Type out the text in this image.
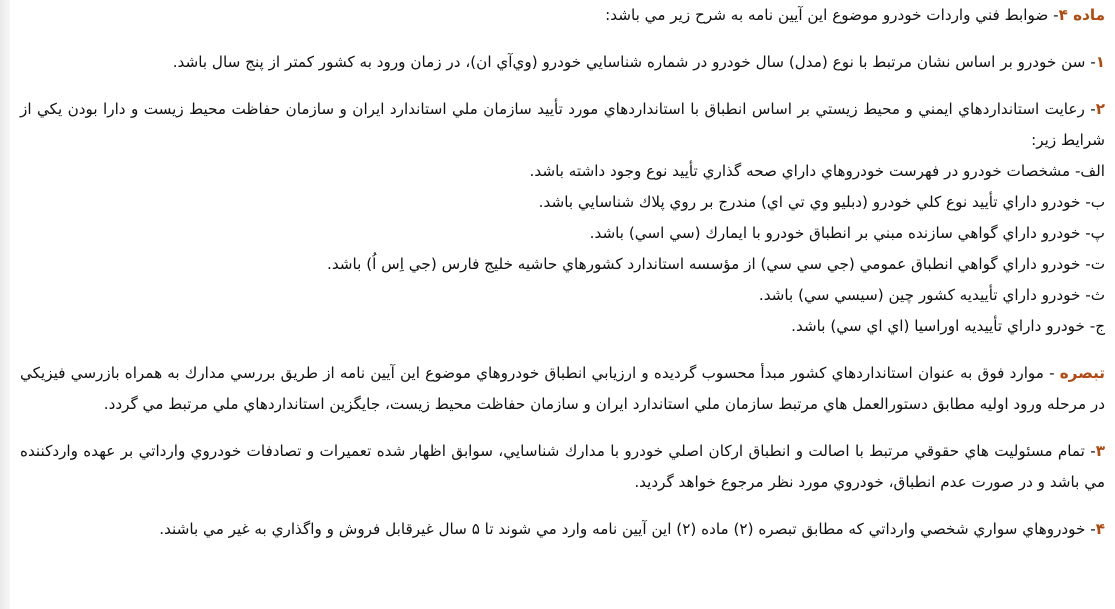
ماده ۴- ضوابط فني واردات خودرو موضوع اين آيين نامه به شرح زير مي باشد:

۱- سن خودرو بر اساس نشان مرتبط با نوع (مدل) سال خودرو در شماره شناسايي خودرو (وي‌آي ان)، در زمان ورود به كشور كمتر از پنج سال باشد.

۲- رعايت استانداردهاي ايمني و محيط زيستي بر اساس انطباق با استانداردهاي مورد تأييد سازمان ملي استاندارد ايران و سازمان حفاظت محيط زيست و دارا بودن يكي از شرايط زير:

الف- مشخصات خودرو در فهرست خودروهاي داراي صحه گذاري تأييد نوع وجود داشته باشد.

ب- خودرو داراي تأييد نوع كلي خودرو (دبليو وي تي اي) مندرج بر روي پلاك شناسايي باشد.

پ- خودرو داراي گواهي سازنده مبني بر انطباق خودرو با ايمارك (سي اسي) باشد.

ت- خودرو داراي گواهي انطباق عمومي (جي سي سي) از مؤسسه استاندارد كشورهاي حاشيه خليج فارس (جي اِس اُ) باشد.

ث- خودرو داراي تأييديه كشور چين (سيسي سي) باشد.

ج- خودرو داراي تأييديه اوراسيا (اي اي سي) باشد.

تبصره - موارد فوق به عنوان استانداردهاي كشور مبدأ محسوب گرديده و ارزيابي انطباق خودروهاي موضوع اين آيين نامه از طريق بررسي مدارك به همراه بازرسي فيزيكي در مرحله ورود اوليه مطابق دستورالعمل هاي مرتبط سازمان ملي استاندارد ايران و سازمان حفاظت محيط زيست، جايگزين استانداردهاي ملي مرتبط مي گردد.

۳- تمام مسئوليت هاي حقوقي مرتبط با اصالت و انطباق اركان اصلي خودرو با مدارك شناسايي، سوابق اظهار شده تعميرات و تصادفات خودروي وارداتي بر عهده واردكننده مي باشد و در صورت عدم انطباق، خودروي مورد نظر مرجوع خواهد گرديد.

۴- خودروهاي سواري شخصي وارداتي كه مطابق تبصره (۲) ماده (۲) اين آيين نامه وارد مي شوند تا ۵ سال غيرقابل فروش و واگذاري به غير مي باشند.
